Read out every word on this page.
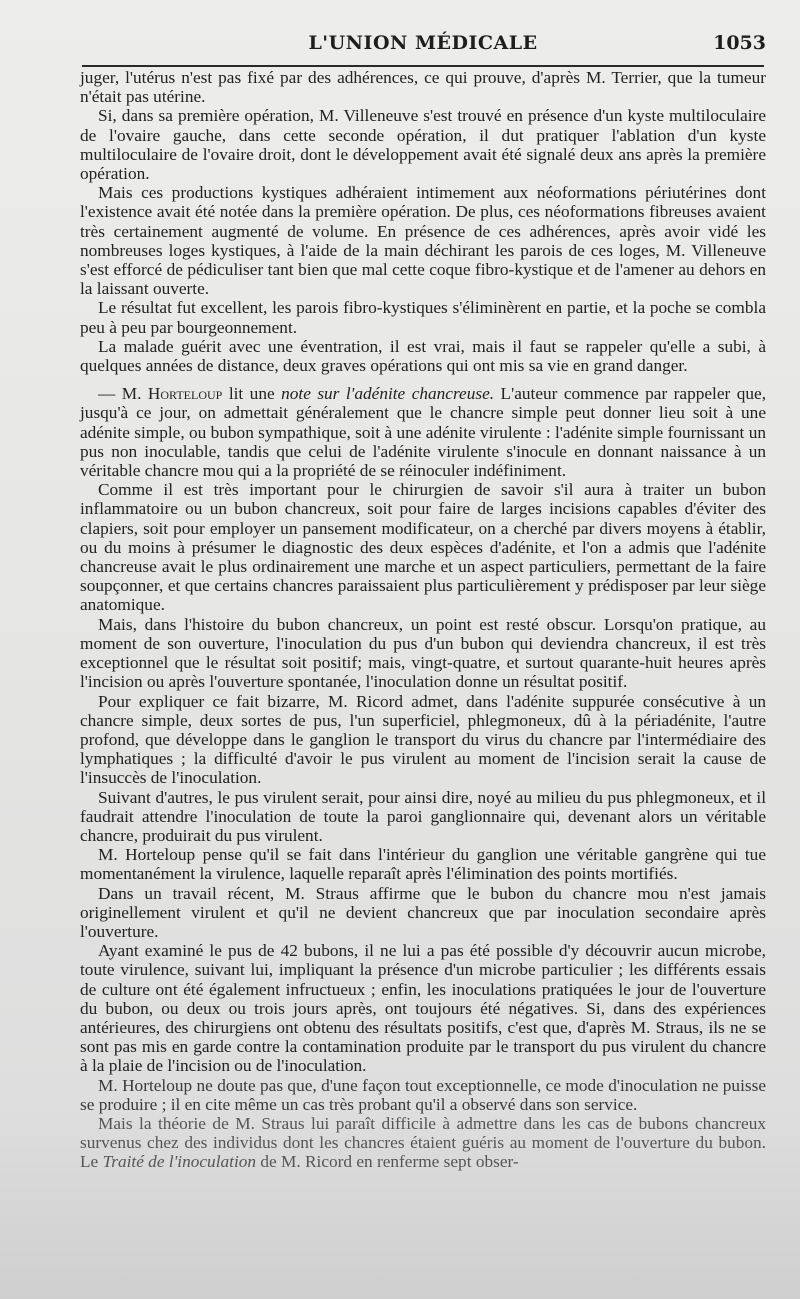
L'UNION MÉDICALE	1053

juger, l'utérus n'est pas fixé par des adhérences, ce qui prouve, d'après M. Terrier, que la tumeur n'était pas utérine.

Si, dans sa première opération, M. Villeneuve s'est trouvé en présence d'un kyste multiloculaire de l'ovaire gauche, dans cette seconde opération, il dut pratiquer l'ablation d'un kyste multiloculaire de l'ovaire droit, dont le développement avait été signalé deux ans après la première opération.

Mais ces productions kystiques adhéraient intimement aux néoformations périutérines dont l'existence avait été notée dans la première opération. De plus, ces néoformations fibreuses avaient très certainement augmenté de volume. En présence de ces adhérences, après avoir vidé les nombreuses loges kystiques, à l'aide de la main déchirant les parois de ces loges, M. Villeneuve s'est efforcé de pédiculiser tant bien que mal cette coque fibro-kystique et de l'amener au dehors en la laissant ouverte.

Le résultat fut excellent, les parois fibro-kystiques s'éliminèrent en partie, et la poche se combla peu à peu par bourgeonnement.

La malade guérit avec une éventration, il est vrai, mais il faut se rappeler qu'elle a subi, à quelques années de distance, deux graves opérations qui ont mis sa vie en grand danger.

— M. Horteloup lit une note sur l'adénite chancreuse. L'auteur commence par rappeler que, jusqu'à ce jour, on admettait généralement que le chancre simple peut donner lieu soit à une adénite simple, ou bubon sympathique, soit à une adénite virulente : l'adénite simple fournissant un pus non inoculable, tandis que celui de l'adénite virulente s'inocule en donnant naissance à un véritable chancre mou qui a la propriété de se réinoculer indéfiniment.

Comme il est très important pour le chirurgien de savoir s'il aura à traiter un bubon inflammatoire ou un bubon chancreux, soit pour faire de larges incisions capables d'éviter des clapiers, soit pour employer un pansement modificateur, on a cherché par divers moyens à établir, ou du moins à présumer le diagnostic des deux espèces d'adénite, et l'on a admis que l'adénite chancreuse avait le plus ordinairement une marche et un aspect particuliers, permettant de la faire soupçonner, et que certains chancres paraissaient plus particulièrement y prédisposer par leur siège anatomique.

Mais, dans l'histoire du bubon chancreux, un point est resté obscur. Lorsqu'on pratique, au moment de son ouverture, l'inoculation du pus d'un bubon qui deviendra chancreux, il est très exceptionnel que le résultat soit positif; mais, vingt-quatre, et surtout quarante-huit heures après l'incision ou après l'ouverture spontanée, l'inoculation donne un résultat positif.

Pour expliquer ce fait bizarre, M. Ricord admet, dans l'adénite suppurée consécutive à un chancre simple, deux sortes de pus, l'un superficiel, phlegmoneux, dû à la périadénite, l'autre profond, que développe dans le ganglion le transport du virus du chancre par l'intermédiaire des lymphatiques ; la difficulté d'avoir le pus virulent au moment de l'incision serait la cause de l'insuccès de l'inoculation.

Suivant d'autres, le pus virulent serait, pour ainsi dire, noyé au milieu du pus phlegmoneux, et il faudrait attendre l'inoculation de toute la paroi ganglionnaire qui, devenant alors un véritable chancre, produirait du pus virulent.

M. Horteloup pense qu'il se fait dans l'intérieur du ganglion une véritable gangrène qui tue momentanément la virulence, laquelle reparaît après l'élimination des points mortifiés.

Dans un travail récent, M. Straus affirme que le bubon du chancre mou n'est jamais originellement virulent et qu'il ne devient chancreux que par inoculation secondaire après l'ouverture.

Ayant examiné le pus de 42 bubons, il ne lui a pas été possible d'y découvrir aucun microbe, toute virulence, suivant lui, impliquant la présence d'un microbe particulier ; les différents essais de culture ont été également infructueux ; enfin, les inoculations pratiquées le jour de l'ouverture du bubon, ou deux ou trois jours après, ont toujours été négatives. Si, dans des expériences antérieures, des chirurgiens ont obtenu des résultats positifs, c'est que, d'après M. Straus, ils ne se sont pas mis en garde contre la contamination produite par le transport du pus virulent du chancre à la plaie de l'incision ou de l'inoculation.

M. Horteloup ne doute pas que, d'une façon tout exceptionnelle, ce mode d'inoculation ne puisse se produire ; il en cite même un cas très probant qu'il a observé dans son service.

Mais la théorie de M. Straus lui paraît difficile à admettre dans les cas de bubons chancreux survenus chez des individus dont les chancres étaient guéris au moment de l'ouverture du bubon. Le Traité de l'inoculation de M. Ricord en renferme sept obser-
